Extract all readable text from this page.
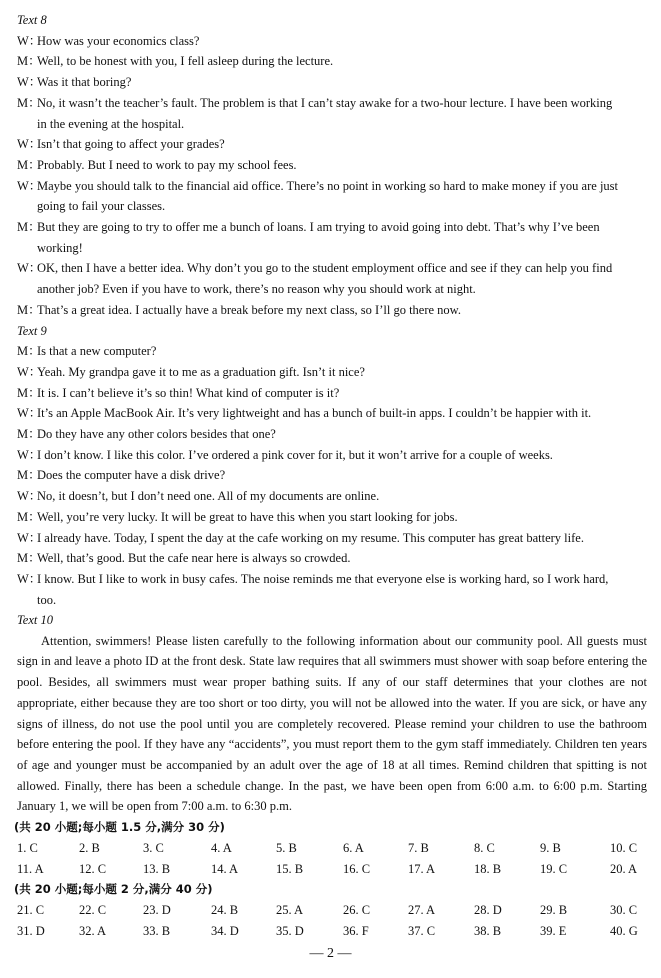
Text 8
W：How was your economics class?
M：Well, to be honest with you, I fell asleep during the lecture.
W：Was it that boring?
M：No, it wasn’t the teacher’s fault. The problem is that I can’t stay awake for a two-hour lecture. I have been working
in the evening at the hospital.
W：Isn’t that going to affect your grades?
M：Probably. But I need to work to pay my school fees.
W：Maybe you should talk to the financial aid office. There’s no point in working so hard to make money if you are just
going to fail your classes.
M：But they are going to try to offer me a bunch of loans. I am trying to avoid going into debt. That’s why I’ve been
working!
W：OK, then I have a better idea. Why don’t you go to the student employment office and see if they can help you find
another job? Even if you have to work, there’s no reason why you should work at night.
M：That’s a great idea. I actually have a break before my next class, so I’ll go there now.
Text 9
M：Is that a new computer?
W：Yeah. My grandpa gave it to me as a graduation gift. Isn’t it nice?
M：It is. I can’t believe it’s so thin! What kind of computer is it?
W：It’s an Apple MacBook Air. It’s very lightweight and has a bunch of built-in apps. I couldn’t be happier with it.
M：Do they have any other colors besides that one?
W：I don’t know. I like this color. I’ve ordered a pink cover for it, but it won’t arrive for a couple of weeks.
M：Does the computer have a disk drive?
W：No, it doesn’t, but I don’t need one. All of my documents are online.
M：Well, you’re very lucky. It will be great to have this when you start looking for jobs.
W：I already have. Today, I spent the day at the cafe working on my resume. This computer has great battery life.
M：Well, that’s good. But the cafe near here is always so crowded.
W：I know. But I like to work in busy cafes. The noise reminds me that everyone else is working hard, so I work hard,
too.
Text 10

Attention, swimmers! Please listen carefully to the following information about our community pool. All guests must sign in and leave a photo ID at the front desk. State law requires that all swimmers must shower with soap before entering the pool. Besides, all swimmers must wear proper bathing suits. If any of our staff determines that your clothes are not appropriate, either because they are too short or too dirty, you will not be allowed into the water. If you are sick, or have any signs of illness, do not use the pool until you are completely recovered. Please remind your children to use the bathroom before entering the pool. If they have any “accidents”, you must report them to the gym staff immediately. Children ten years of age and younger must be accompanied by an adult over the age of 18 at all times. Remind children that spitting is not allowed. Finally, there has been a schedule change. In the past, we have been open from 6:00 a.m. to 6:00 p.m. Starting January 1, we will be open from 7:00 a.m. to 6:30 p.m.

(共 20 小题;每小题 1.5 分,满分 30 分)
1. C	2. B	3. C	4. A	5. B	6. A	7. B	8. C	9. B	10. C
11. A	12. C	13. B	14. A	15. B	16. C	17. A	18. B	19. C	20. A
(共 20 小题;每小题 2 分,满分 40 分)
21. C	22. C	23. D	24. B	25. A	26. C	27. A	28. D	29. B	30. C
31. D	32. A	33. B	34. D	35. D	36. F	37. C	38. B	39. E	40. G
— 2 —
